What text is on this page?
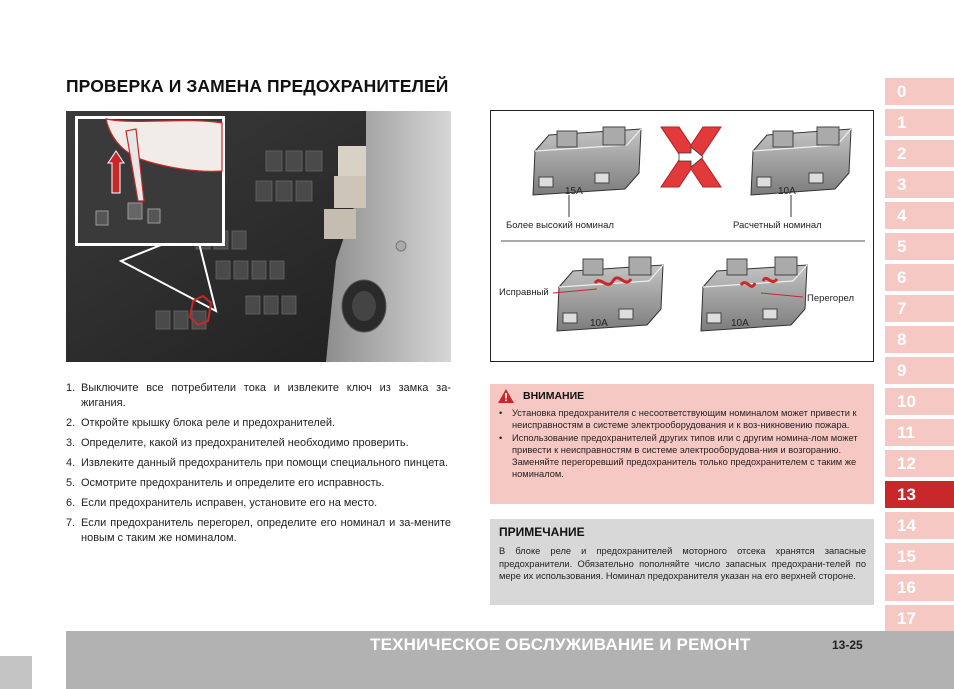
ПРОВЕРКА И ЗАМЕНА ПРЕДОХРАНИТЕЛЕЙ
15A	10A
10A	10A
Более высокий номинал	Расчетный номинал
Исправный
Перегорел
1. Выключите все потребители тока и извлеките ключ из замка за-жигания.
2. Откройте крышку блока реле и предохранителей.
3. Определите, какой из предохранителей необходимо проверить.
4. Извлеките данный предохранитель при помощи специального пинцета.
5. Осмотрите предохранитель и определите его исправность.
6. Если предохранитель исправен, установите его на место.
7. Если предохранитель перегорел, определите его номинал и за-мените новым с таким же номиналом.
ВНИМАНИЕ
• Установка предохранителя с несоответствующим номиналом может привести к неисправностям в системе электрооборудования и к воз-никновению пожара.
• Использование предохранителей других типов или с другим номина-лом может привести к неисправностям в системе электрооборудова-ния и возгоранию. Заменяйте перегоревший предохранитель только предохранителем с таким же номиналом.
ПРИМЕЧАНИЕ
В блоке реле и предохранителей моторного отсека хранятся запасные предохранители. Обязательно пополняйте число запасных предохрани-телей по мере их использования. Номинал предохранителя указан на его верхней стороне.
0
1
2
3
4
5
6
7
8
9
10
11
12
13
14
15
16
17
ТЕХНИЧЕСКОЕ ОБСЛУЖИВАНИЕ И РЕМОНТ	13-25
